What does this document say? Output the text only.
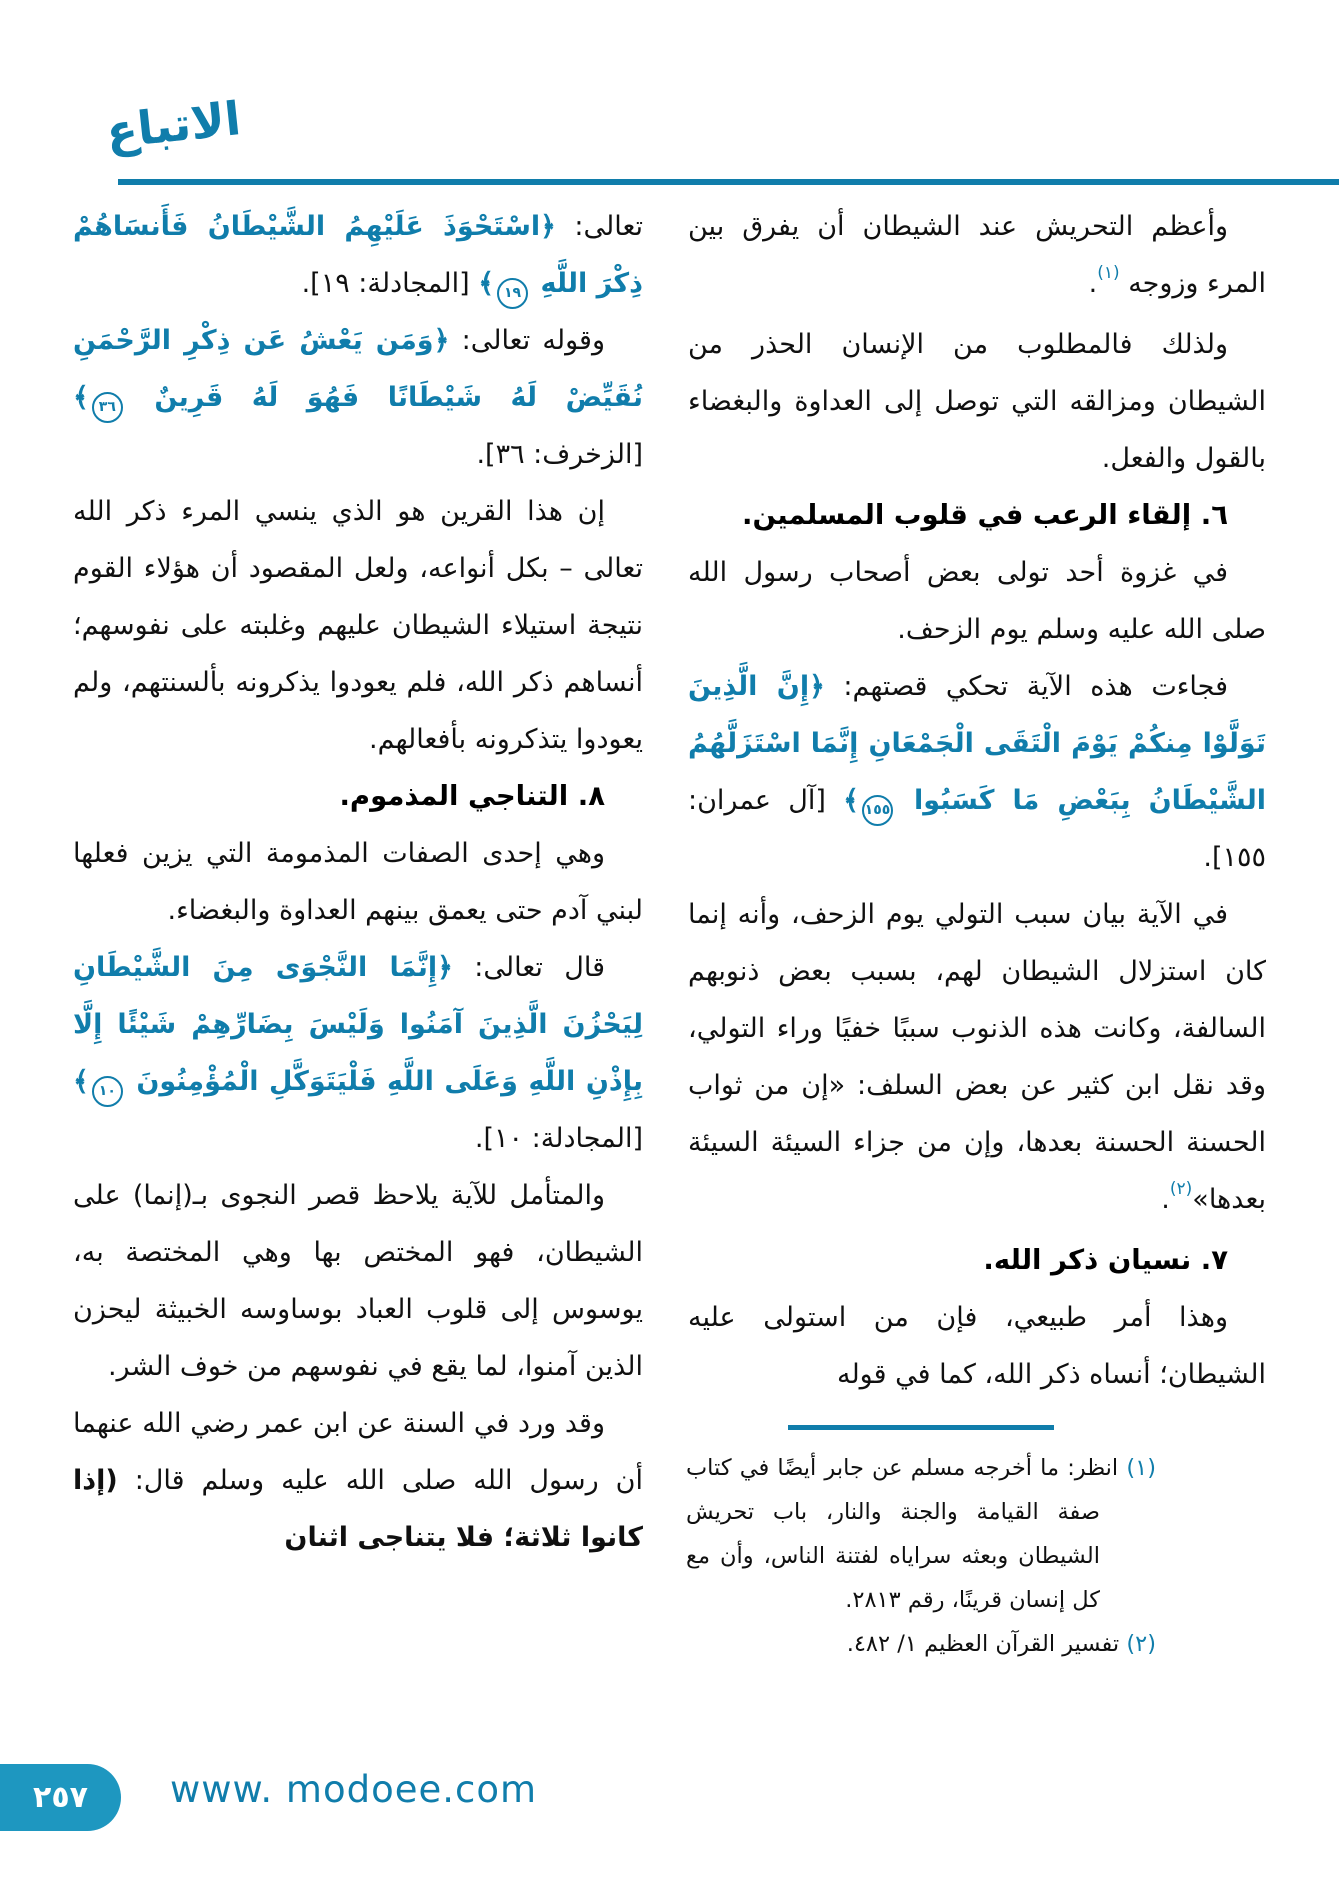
الاتباع

وأعظم التحريش عند الشيطان أن يفرق بين المرء وزوجه $^{(١)}$.

ولذلك فالمطلوب من الإنسان الحذر من الشيطان ومزالقه التي توصل إلى العداوة والبغضاء بالقول والفعل.

٦. إلقاء الرعب في قلوب المسلمين.

في غزوة أحد تولى بعض أصحاب رسول الله صلى الله عليه وسلم يوم الزحف.

فجاءت هذه الآية تحكي قصتهم: ﴿إِنَّ الَّذِينَ تَوَلَّوْا مِنكُمْ يَوْمَ الْتَقَى الْجَمْعَانِ إِنَّمَا اسْتَزَلَّهُمُ الشَّيْطَانُ بِبَعْضِ مَا كَسَبُوا ١٥٥﴾ [آل عمران: ١٥٥].

في الآية بيان سبب التولي يوم الزحف، وأنه إنما كان استزلال الشيطان لهم، بسبب بعض ذنوبهم السالفة، وكانت هذه الذنوب سببًا خفيًا وراء التولي، وقد نقل ابن كثير عن بعض السلف: «إن من ثواب الحسنة الحسنة بعدها، وإن من جزاء السيئة السيئة بعدها»$^{(٢)}$.

٧. نسيان ذكر الله.

وهذا أمر طبيعي، فإن من استولى عليه الشيطان؛ أنساه ذكر الله، كما في قوله

(١) انظر: ما أخرجه مسلم عن جابر أيضًا في كتاب صفة القيامة والجنة والنار، باب تحريش الشيطان وبعثه سراياه لفتنة الناس، وأن مع كل إنسان قرينًا، رقم ٢٨١٣.
(٢) تفسير القرآن العظيم ١/ ٤٨٢.

تعالى: ﴿اسْتَحْوَذَ عَلَيْهِمُ الشَّيْطَانُ فَأَنسَاهُمْ ذِكْرَ اللَّهِ ١٩﴾ [المجادلة: ١٩].

وقوله تعالى: ﴿وَمَن يَعْشُ عَن ذِكْرِ الرَّحْمَنِ نُقَيِّضْ لَهُ شَيْطَانًا فَهُوَ لَهُ قَرِينٌ ٣٦﴾ [الزخرف: ٣٦].

إن هذا القرين هو الذي ينسي المرء ذكر الله تعالى – بكل أنواعه، ولعل المقصود أن هؤلاء القوم نتيجة استيلاء الشيطان عليهم وغلبته على نفوسهم؛ أنساهم ذكر الله، فلم يعودوا يذكرونه بألسنتهم، ولم يعودوا يتذكرونه بأفعالهم.

٨. التناجي المذموم.

وهي إحدى الصفات المذمومة التي يزين فعلها لبني آدم حتى يعمق بينهم العداوة والبغضاء.

قال تعالى: ﴿إِنَّمَا النَّجْوَى مِنَ الشَّيْطَانِ لِيَحْزُنَ الَّذِينَ آمَنُوا وَلَيْسَ بِضَارِّهِمْ شَيْئًا إِلَّا بِإِذْنِ اللَّهِ وَعَلَى اللَّهِ فَلْيَتَوَكَّلِ الْمُؤْمِنُونَ ١٠﴾ [المجادلة: ١٠].

والمتأمل للآية يلاحظ قصر النجوى بـ(إنما) على الشيطان، فهو المختص بها وهي المختصة به، يوسوس إلى قلوب العباد بوساوسه الخبيثة ليحزن الذين آمنوا، لما يقع في نفوسهم من خوف الشر.

وقد ورد في السنة عن ابن عمر رضي الله عنهما أن رسول الله صلى الله عليه وسلم قال: (إذا كانوا ثلاثة؛ فلا يتناجى اثنان

٢٥٧ www. modoee.com
